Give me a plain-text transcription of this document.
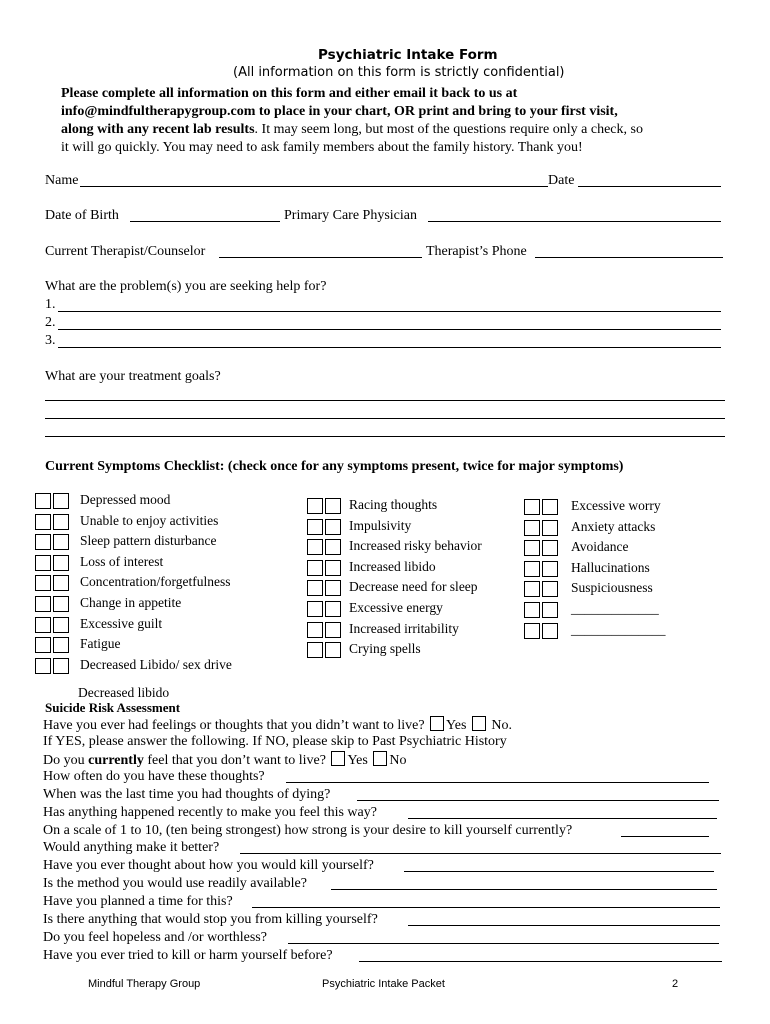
Psychiatric Intake Form
(All information on this form is strictly confidential)
Please complete all information on this form and either email it back to us at
info@mindfultherapygroup.com to place in your chart, OR print and bring to your first visit,
along with any recent lab results. It may seem long, but most of the questions require only a check, so
it will go quickly. You may need to ask family members about the family history. Thank you!
Name	Date
Date of Birth	Primary Care Physician
Current Therapist/Counselor	Therapist’s Phone
What are the problem(s) you are seeking help for?
1.
2.
3.
What are your treatment goals?
Current Symptoms Checklist: (check once for any symptoms present, twice for major symptoms)
Depressed mood
Unable to enjoy activities
Sleep pattern disturbance
Loss of interest
Concentration/forgetfulness
Change in appetite
Excessive guilt
Fatigue
Decreased Libido/ sex drive
Racing thoughts
Impulsivity
Increased risky behavior
Increased libido
Decrease need for sleep
Excessive energy
Increased irritability
Crying spells
Excessive worry
Anxiety attacks
Avoidance
Hallucinations
Suspiciousness
_____________
______________
Decreased libido
Suicide Risk Assessment
Have you ever had feelings or thoughts that you didn’t want to live? Yes No.
If YES, please answer the following. If NO, please skip to Past Psychiatric History
Do you currently feel that you don’t want to live? Yes No
How often do you have these thoughts?
When was the last time you had thoughts of dying?
Has anything happened recently to make you feel this way?
On a scale of 1 to 10, (ten being strongest) how strong is your desire to kill yourself currently?
Would anything make it better?
Have you ever thought about how you would kill yourself?
Is the method you would use readily available?
Have you planned a time for this?
Is there anything that would stop you from killing yourself?
Do you feel hopeless and /or worthless?
Have you ever tried to kill or harm yourself before?
Mindful Therapy Group	Psychiatric Intake Packet	2
